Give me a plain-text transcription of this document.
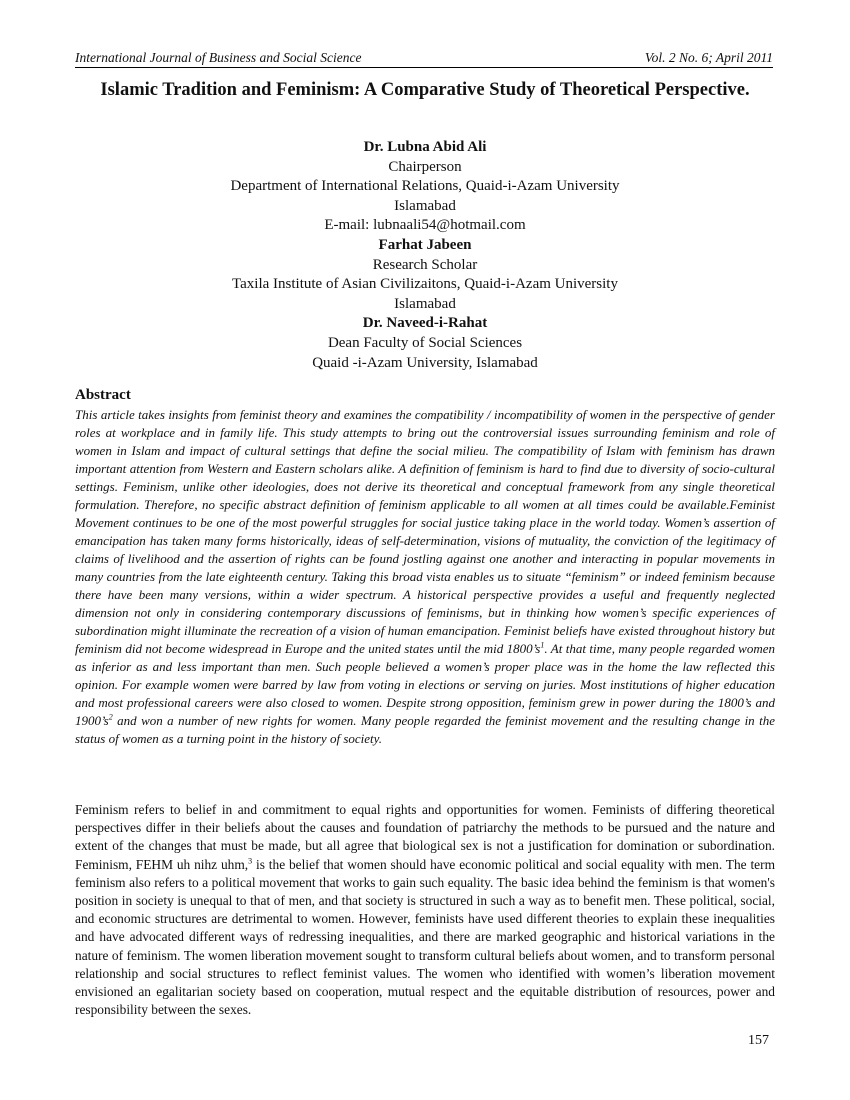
International Journal of Business and Social Science	Vol. 2 No. 6; April 2011
Islamic Tradition and Feminism: A Comparative Study of Theoretical Perspective.
Dr. Lubna Abid Ali
Chairperson
Department of International Relations, Quaid-i-Azam University
Islamabad
E-mail: lubnaali54@hotmail.com
Farhat Jabeen
Research Scholar
Taxila Institute of Asian Civilizaitons, Quaid-i-Azam University
Islamabad
Dr. Naveed-i-Rahat
Dean Faculty of Social Sciences
Quaid -i-Azam University, Islamabad
Abstract

This article takes insights from feminist theory and examines the compatibility / incompatibility of women in the perspective of gender roles at workplace and in family life. This study attempts to bring out the controversial issues surrounding feminism and role of women in Islam and impact of cultural settings that define the social milieu. The compatibility of Islam with feminism has drawn important attention from Western and Eastern scholars alike. A definition of feminism is hard to find due to diversity of socio-cultural settings. Feminism, unlike other ideologies, does not derive its theoretical and conceptual framework from any single theoretical formulation. Therefore, no specific abstract definition of feminism applicable to all women at all times could be available.Feminist Movement continues to be one of the most powerful struggles for social justice taking place in the world today. Women’s assertion of emancipation has taken many forms historically, ideas of self-determination, visions of mutuality, the conviction of the legitimacy of claims of livelihood and the assertion of rights can be found jostling against one another and interacting in popular movements in many countries from the late eighteenth century. Taking this broad vista enables us to situate “feminism” or indeed feminism because there have been many versions, within a wider spectrum. A historical perspective provides a useful and frequently neglected dimension not only in considering contemporary discussions of feminisms, but in thinking how women’s specific experiences of subordination might illuminate the recreation of a vision of human emancipation. Feminist beliefs have existed throughout history but feminism did not become widespread in Europe and the united states until the mid $1800’s^1$. At that time, many people regarded women as inferior as and less important than men. Such people believed a women’s proper place was in the home the law reflected this opinion. For example women were barred by law from voting in elections or serving on juries. Most institutions of higher education and most professional careers were also closed to women. Despite strong opposition, feminism grew in power during the 1800’s and $1900’s^2$ and won a number of new rights for women. Many people regarded the feminist movement and the resulting change in the status of women as a turning point in the history of society.

Feminism refers to belief in and commitment to equal rights and opportunities for women. Feminists of differing theoretical perspectives differ in their beliefs about the causes and foundation of patriarchy the methods to be pursued and the nature and extent of the changes that must be made, but all agree that biological sex is not a justification for domination or subordination. Feminism, FEHM uh nihz uhm,$^3$ is the belief that women should have economic political and social equality with men. The term feminism also refers to a political movement that works to gain such equality. The basic idea behind the feminism is that women's position in society is unequal to that of men, and that society is structured in such a way as to benefit men. These political, social, and economic structures are detrimental to women. However, feminists have used different theories to explain these inequalities and have advocated different ways of redressing inequalities, and there are marked geographic and historical variations in the nature of feminism. The women liberation movement sought to transform cultural beliefs about women, and to transform personal relationship and social structures to reflect feminist values. The women who identified with women’s liberation movement envisioned an egalitarian society based on cooperation, mutual respect and the equitable distribution of resources, power and responsibility between the sexes.

157
